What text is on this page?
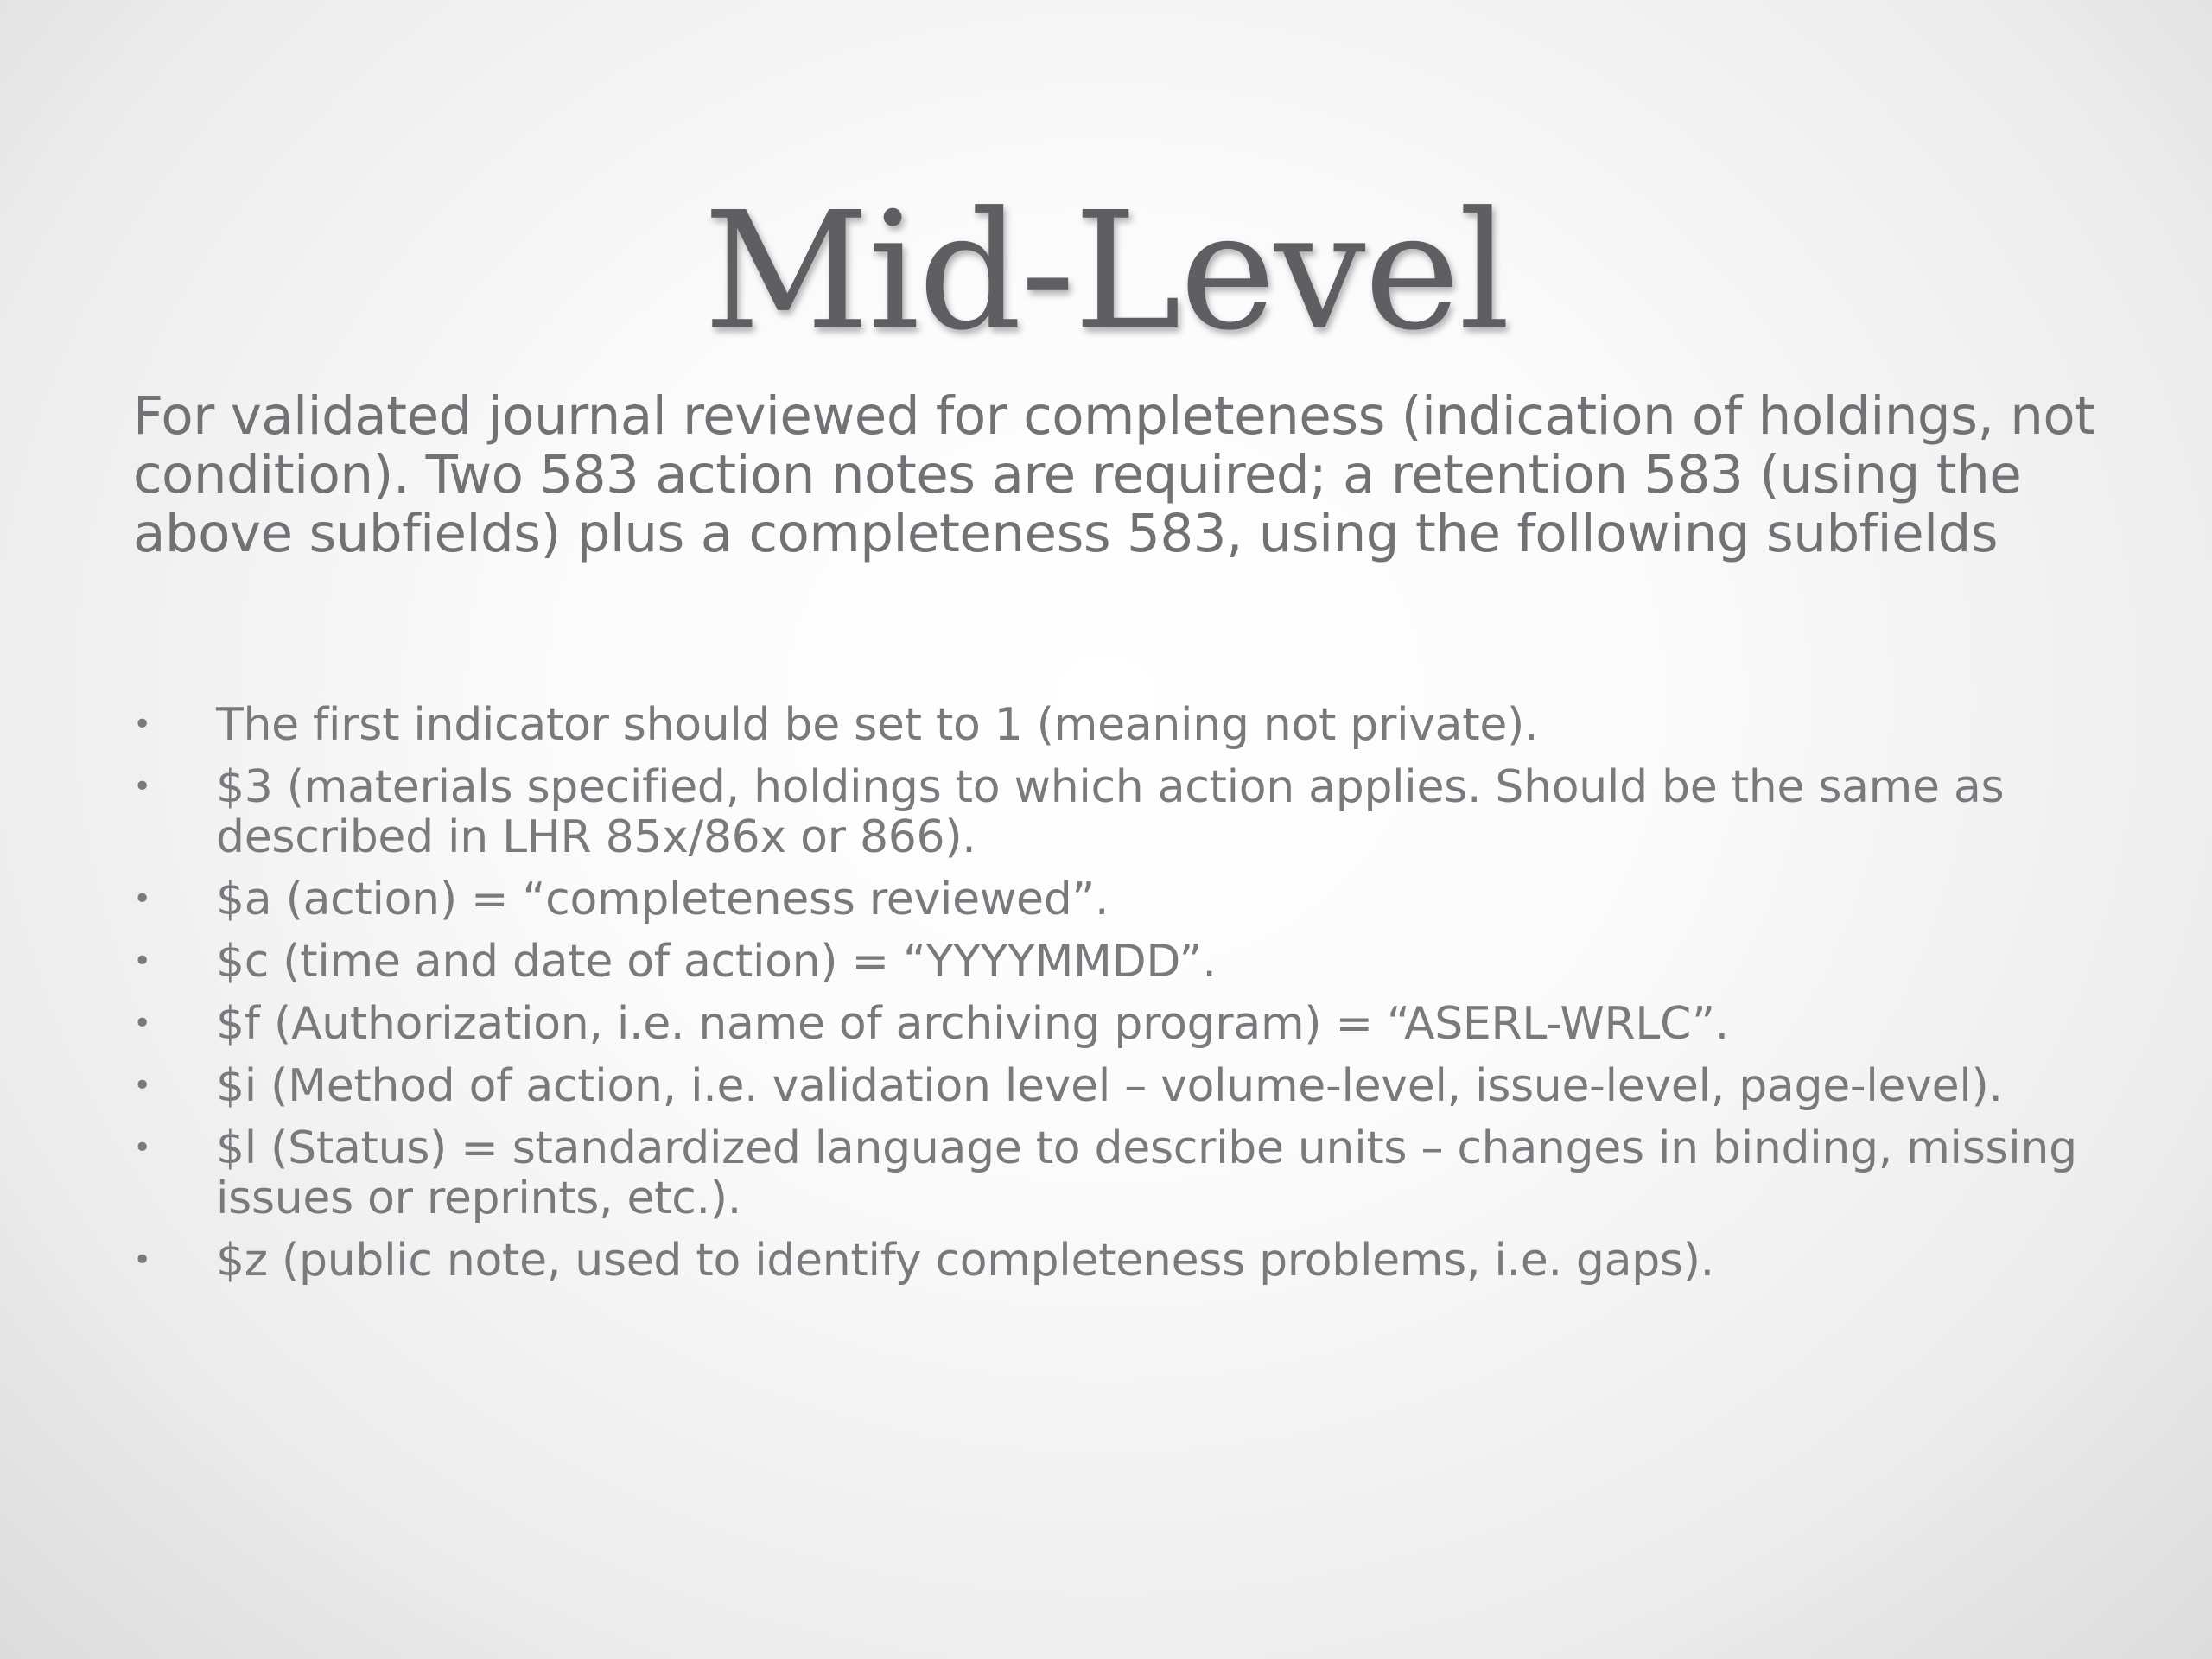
Mid-Level

For validated journal reviewed for completeness (indication of holdings, not condition). Two 583 action notes are required; a retention 583 (using the above subfields) plus a completeness 583, using the following subfields

• The first indicator should be set to 1 (meaning not private).
• $3 (materials specified, holdings to which action applies. Should be the same as described in LHR 85x/86x or 866).
• $a (action) = “completeness reviewed”.
• $c (time and date of action) = “YYYYMMDD”.
• $f (Authorization, i.e. name of archiving program) = “ASERL-WRLC”.
• $i (Method of action, i.e. validation level – volume-level, issue-level, page-level).
• $l (Status) = standardized language to describe units – changes in binding, missing issues or reprints, etc.).
• $z (public note, used to identify completeness problems, i.e. gaps).
